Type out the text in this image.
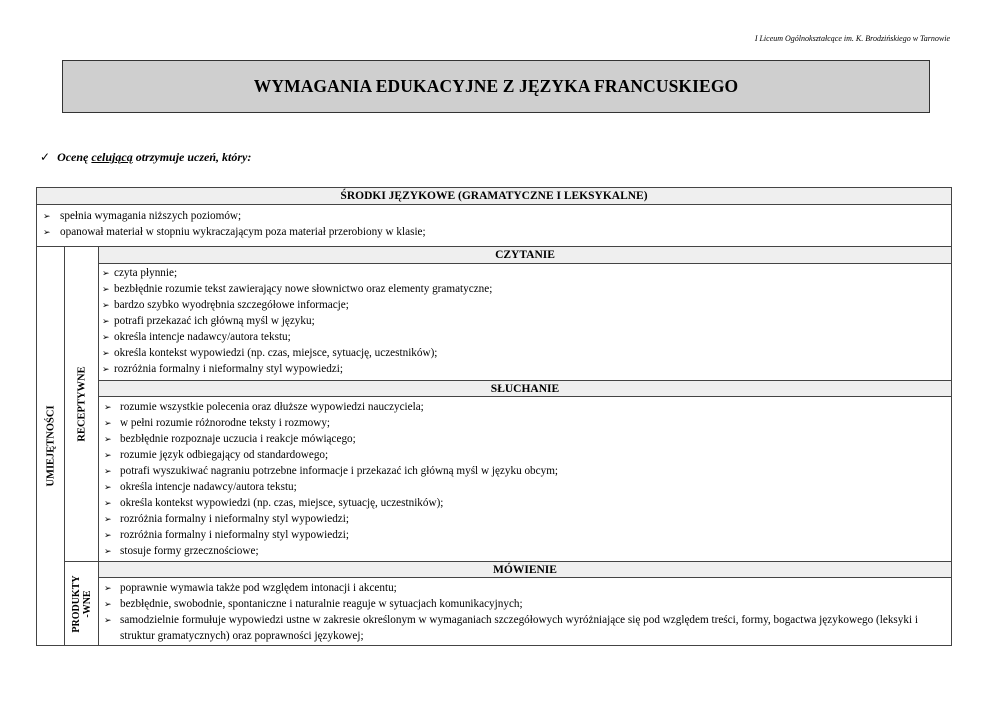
I Liceum Ogólnokształcące im. K. Brodzińskiego w Tarnowie
WYMAGANIA EDUKACYJNE Z JĘZYKA FRANCUSKIEGO
✓ Ocenę celującą otrzymuje uczeń, który:
ŚRODKI JĘZYKOWE (GRAMATYCZNE I LEKSYKALNE)
➢ spełnia wymagania niższych poziomów;
➢ opanował materiał w stopniu wykraczającym poza materiał przerobiony w klasie;
UMIEJĘTNOŚCI
RECEPTYWNE
PRODUKTY
-WNE
CZYTANIE
➢ czyta płynnie;
➢ bezbłędnie rozumie tekst zawierający nowe słownictwo oraz elementy gramatyczne;
➢ bardzo szybko wyodrębnia szczegółowe informacje;
➢ potrafi przekazać ich główną myśl w języku;
➢ określa intencje nadawcy/autora tekstu;
➢ określa kontekst wypowiedzi (np. czas, miejsce, sytuację, uczestników);
➢ rozróżnia formalny i nieformalny styl wypowiedzi;
SŁUCHANIE
➢ rozumie wszystkie polecenia oraz dłuższe wypowiedzi nauczyciela;
➢ w pełni rozumie różnorodne teksty i rozmowy;
➢ bezbłędnie rozpoznaje uczucia i reakcje mówiącego;
➢ rozumie język odbiegający od standardowego;
➢ potrafi wyszukiwać nagraniu potrzebne informacje i przekazać ich główną myśl w języku obcym;
➢ określa intencje nadawcy/autora tekstu;
➢ określa kontekst wypowiedzi (np. czas, miejsce, sytuację, uczestników);
➢ rozróżnia formalny i nieformalny styl wypowiedzi;
➢ rozróżnia formalny i nieformalny styl wypowiedzi;
➢ stosuje formy grzecznościowe;
MÓWIENIE
➢ poprawnie wymawia także pod względem intonacji i akcentu;
➢ bezbłędnie, swobodnie, spontaniczne i naturalnie reaguje w sytuacjach komunikacyjnych;
➢ samodzielnie formułuje wypowiedzi ustne w zakresie określonym w wymaganiach szczegółowych wyróżniające się pod względem treści, formy, bogactwa językowego (leksyki i struktur gramatycznych) oraz poprawności językowej;
